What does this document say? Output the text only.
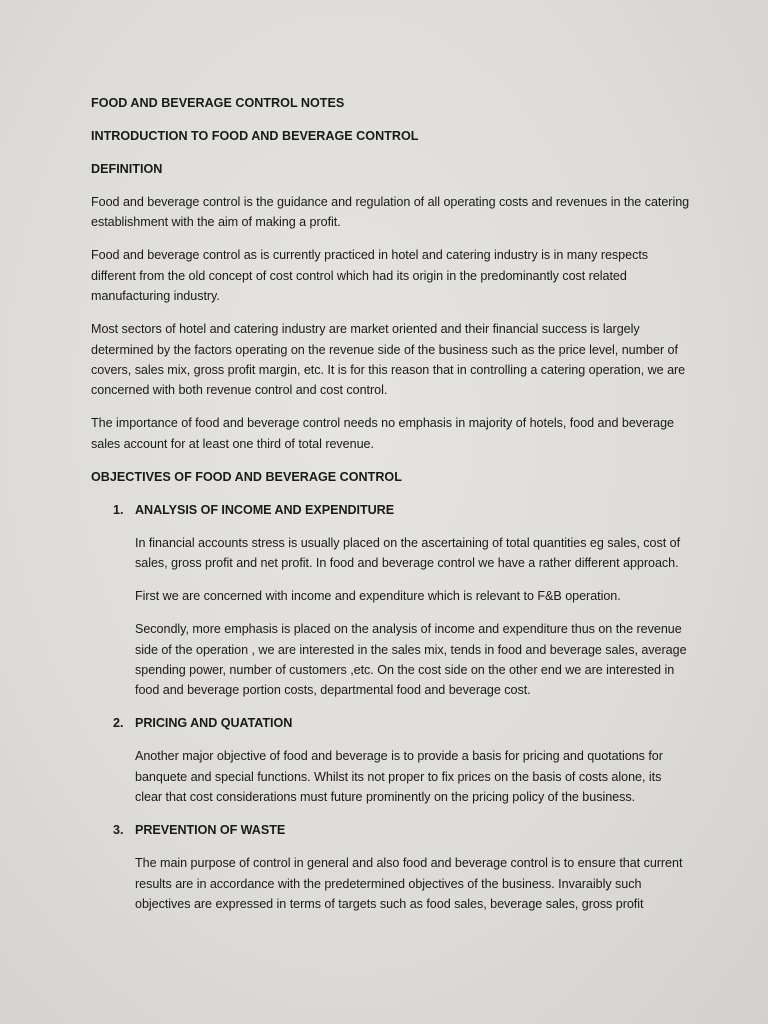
FOOD AND BEVERAGE CONTROL NOTES
INTRODUCTION TO FOOD AND BEVERAGE CONTROL
DEFINITION

Food and beverage control is the guidance and regulation of all operating costs and revenues in the catering establishment with the aim of making a profit.

Food and beverage control as is currently practiced in hotel and catering industry is in many respects different from the old concept of cost control which had its origin in the predominantly cost related manufacturing industry.

Most sectors of hotel and catering industry are market oriented and their financial success is largely determined by the factors operating on the revenue side of the business such as the price level, number of covers, sales mix, gross profit margin, etc. It is for this reason that in controlling a catering operation, we are concerned with both revenue control and cost control.

The importance of food and beverage control needs no emphasis in majority of hotels, food and beverage sales account for at least one third of total revenue.

OBJECTIVES OF FOOD AND BEVERAGE CONTROL
1. ANALYSIS OF INCOME AND EXPENDITURE

In financial accounts stress is usually placed on the ascertaining of total quantities eg sales, cost of sales, gross profit and net profit. In food and beverage control we have a rather different approach.

First we are concerned with income and expenditure which is relevant to F&B operation.

Secondly, more emphasis is placed on the analysis of income and expenditure thus on the revenue side of the operation , we are interested in the sales mix, tends in food and beverage sales, average spending power, number of customers ,etc. On the cost side on the other end we are interested in food and beverage portion costs, departmental food and beverage cost.

2. PRICING AND QUATATION

Another major objective of food and beverage is to provide a basis for pricing and quotations for banquete and special functions. Whilst its not proper to fix prices on the basis of costs alone, its clear that cost considerations must future prominently on the pricing policy of the business.

3. PREVENTION OF WASTE

The main purpose of control in general and also food and beverage control is to ensure that current results are in accordance with the predetermined objectives of the business. Invaraibly such objectives are expressed in terms of targets such as food sales, beverage sales, gross profit
